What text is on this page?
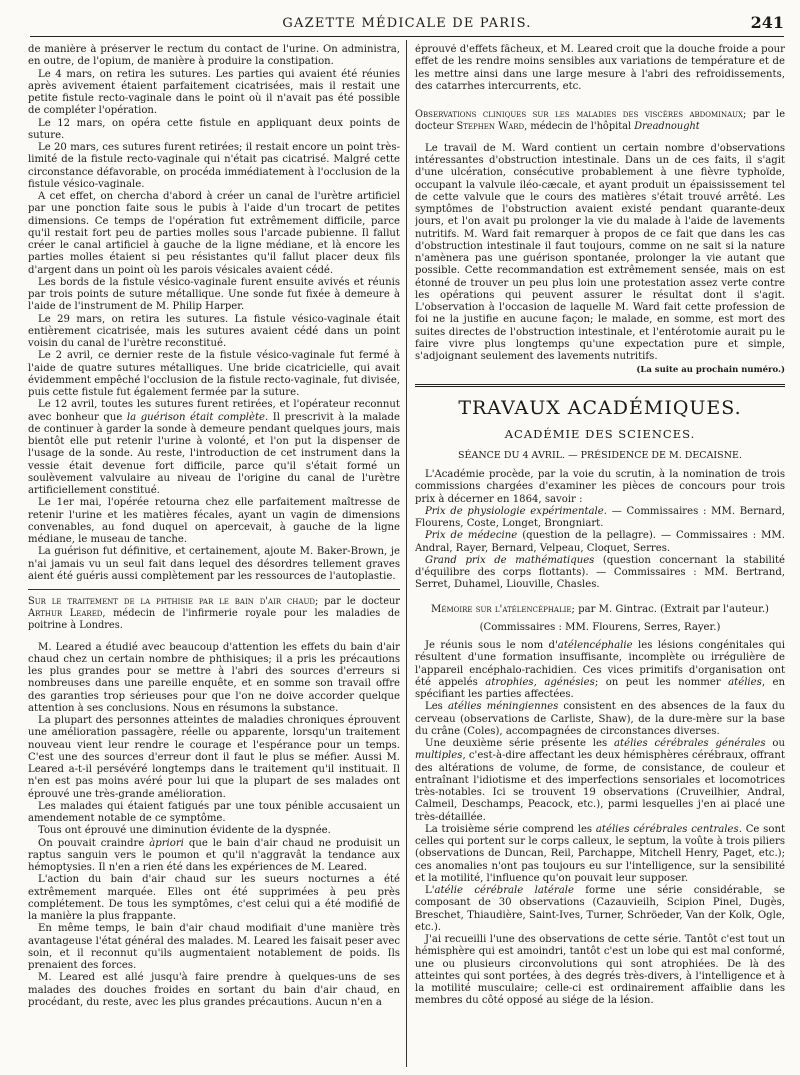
GAZETTE MÉDICALE DE PARIS.	241

de manière à préserver le rectum du contact de l'urine. On administra, en outre, de l'opium, de manière à produire la constipation.

Le 4 mars, on retira les sutures. Les parties qui avaient été réunies après avivement étaient parfaitement cicatrisées, mais il restait une petite fistule recto-vaginale dans le point où il n'avait pas été possible de compléter l'opération.

Le 12 mars, on opéra cette fistule en appliquant deux points de suture.

Le 20 mars, ces sutures furent retirées; il restait encore un point très-limité de la fistule recto-vaginale qui n'était pas cicatrisé. Malgré cette circonstance défavorable, on procéda immédiatement à l'occlusion de la fistule vésico-vaginale.

A cet effet, on chercha d'abord à créer un canal de l'urètre artificiel par une ponction faite sous le pubis à l'aide d'un trocart de petites dimensions. Ce temps de l'opération fut extrêmement difficile, parce qu'il restait fort peu de parties molles sous l'arcade pubienne. Il fallut créer le canal artificiel à gauche de la ligne médiane, et là encore les parties molles étaient si peu résistantes qu'il fallut placer deux fils d'argent dans un point où les parois vésicales avaient cédé.

Les bords de la fistule vésico-vaginale furent ensuite avivés et réunis par trois points de suture métallique. Une sonde fut fixée à demeure à l'aide de l'instrument de M. Philip Harper.

Le 29 mars, on retira les sutures. La fistule vésico-vaginale était entièrement cicatrisée, mais les sutures avaient cédé dans un point voisin du canal de l'urètre reconstitué.

Le 2 avril, ce dernier reste de la fistule vésico-vaginale fut fermé à l'aide de quatre sutures métalliques. Une bride cicatricielle, qui avait évidemment empêché l'occlusion de la fistule recto-vaginale, fut divisée, puis cette fistule fut également fermée par la suture.

Le 12 avril, toutes les sutures furent retirées, et l'opérateur reconnut avec bonheur que la guérison était complète. Il prescrivit à la malade de continuer à garder la sonde à demeure pendant quelques jours, mais bientôt elle put retenir l'urine à volonté, et l'on put la dispenser de l'usage de la sonde. Au reste, l'introduction de cet instrument dans la vessie était devenue fort difficile, parce qu'il s'était formé un soulèvement valvulaire au niveau de l'origine du canal de l'urètre artificiellement constitué.

Le 1er mai, l'opérée retourna chez elle parfaitement maîtresse de retenir l'urine et les matières fécales, ayant un vagin de dimensions convenables, au fond duquel on apercevait, à gauche de la ligne médiane, le museau de tanche.

La guérison fut définitive, et certainement, ajoute M. Baker-Brown, je n'ai jamais vu un seul fait dans lequel des désordres tellement graves aient été guéris aussi complètement par les ressources de l'autoplastie.

Sur le traitement de la phthisie par le bain d'air chaud; par le docteur Arthur Leared, médecin de l'infirmerie royale pour les maladies de poitrine à Londres.

M. Leared a étudié avec beaucoup d'attention les effets du bain d'air chaud chez un certain nombre de phthisiques; il a pris les précautions les plus grandes pour se mettre à l'abri des sources d'erreurs si nombreuses dans une pareille enquête, et en somme son travail offre des garanties trop sérieuses pour que l'on ne doive accorder quelque attention à ses conclusions. Nous en résumons la substance.

La plupart des personnes atteintes de maladies chroniques éprouvent une amélioration passagère, réelle ou apparente, lorsqu'un traitement nouveau vient leur rendre le courage et l'espérance pour un temps. C'est une des sources d'erreur dont il faut le plus se méfier. Aussi M. Leared a-t-il persévéré longtemps dans le traitement qu'il instituait. Il n'en est pas moins avéré pour lui que la plupart de ses malades ont éprouvé une très-grande amélioration.

Les malades qui étaient fatigués par une toux pénible accusaient un amendement notable de ce symptôme.

Tous ont éprouvé une diminution évidente de la dyspnée.

On pouvait craindre àpriori que le bain d'air chaud ne produisit un raptus sanguin vers le poumon et qu'il n'aggravât la tendance aux hémoptysies. Il n'en a rien été dans les expériences de M. Leared.

L'action du bain d'air chaud sur les sueurs nocturnes a été extrêmement marquée. Elles ont été supprimées à peu près complétement. De tous les symptômes, c'est celui qui a été modifié de la manière la plus frappante.

En même temps, le bain d'air chaud modifiait d'une manière très avantageuse l'état général des malades. M. Leared les faisait peser avec soin, et il reconnut qu'ils augmentaient notablement de poids. Ils prenaient des forces.

M. Leared est allé jusqu'à faire prendre à quelques-uns de ses malades des douches froides en sortant du bain d'air chaud, en procédant, du reste, avec les plus grandes précautions. Aucun n'en a

éprouvé d'effets fâcheux, et M. Leared croit que la douche froide a pour effet de les rendre moins sensibles aux variations de température et de les mettre ainsi dans une large mesure à l'abri des refroidissements, des catarrhes intercurrents, etc.

Observations cliniques sur les maladies des viscères abdominaux; par le docteur Stephen Ward, médecin de l'hôpital Dreadnought

Le travail de M. Ward contient un certain nombre d'observations intéressantes d'obstruction intestinale. Dans un de ces faits, il s'agit d'une ulcération, consécutive probablement à une fièvre typhoïde, occupant la valvule iléo-cæcale, et ayant produit un épaississement tel de cette valvule que le cours des matières s'était trouvé arrêté. Les symptômes de l'obstruction avaient existé pendant quarante-deux jours, et l'on avait pu prolonger la vie du malade à l'aide de lavements nutritifs. M. Ward fait remarquer à propos de ce fait que dans les cas d'obstruction intestinale il faut toujours, comme on ne sait si la nature n'amènera pas une guérison spontanée, prolonger la vie autant que possible. Cette recommandation est extrêmement sensée, mais on est étonné de trouver un peu plus loin une protestation assez verte contre les opérations qui peuvent assurer le résultat dont il s'agit. L'observation à l'occasion de laquelle M. Ward fait cette profession de foi ne la justifie en aucune façon; le malade, en somme, est mort des suites directes de l'obstruction intestinale, et l'entérotomie aurait pu le faire vivre plus longtemps qu'une expectation pure et simple, s'adjoignant seulement des lavements nutritifs.

(La suite au prochain numéro.)
TRAVAUX ACADÉMIQUES.
ACADÉMIE DES SCIENCES.
SÉANCE DU 4 AVRIL. — PRÉSIDENCE DE M. DECAISNE.

L'Académie procède, par la voie du scrutin, à la nomination de trois commissions chargées d'examiner les pièces de concours pour trois prix à décerner en 1864, savoir :

Prix de physiologie expérimentale. — Commissaires : MM. Bernard, Flourens, Coste, Longet, Brongniart.

Prix de médecine (question de la pellagre). — Commissaires : MM. Andral, Rayer, Bernard, Velpeau, Cloquet, Serres.

Grand prix de mathématiques (question concernant la stabilité d'équilibre des corps flottants). — Commissaires : MM. Bertrand, Serret, Duhamel, Liouville, Chasles.

Mémoire sur l'atélencéphalie; par M. Gintrac. (Extrait par l'auteur.)

(Commissaires : MM. Flourens, Serres, Rayer.)

Je réunis sous le nom d'atélencéphalie les lésions congénitales qui résultent d'une formation insuffisante, incomplète ou irrégulière de l'appareil encéphalo-rachidien. Ces vices primitifs d'organisation ont été appelés atrophies, agénésies; on peut les nommer atélies, en spécifiant les parties affectées.

Les atélies méningiennes consistent en des absences de la faux du cerveau (observations de Carliste, Shaw), de la dure-mère sur la base du crâne (Coles), accompagnées de circonstances diverses.

Une deuxième série présente les atélies cérébrales générales ou multiples, c'est-à-dire affectant les deux hémisphères cérébraux, offrant des altérations de volume, de forme, de consistance, de couleur et entraînant l'idiotisme et des imperfections sensoriales et locomotrices très-notables. Ici se trouvent 19 observations (Cruveilhier, Andral, Calmeil, Deschamps, Peacock, etc.), parmi lesquelles j'en ai placé une très-détaillée.

La troisième série comprend les atélies cérébrales centrales. Ce sont celles qui portent sur le corps calleux, le septum, la voûte à trois piliers (observations de Duncan, Reil, Parchappe, Mitchell Henry, Paget, etc.); ces anomalies n'ont pas toujours eu sur l'intelligence, sur la sensibilité et la motilité, l'influence qu'on pouvait leur supposer.

L'atélie cérébrale latérale forme une série considérable, se composant de 30 observations (Cazauvieilh, Scipion Pinel, Dugès, Breschet, Thiaudière, Saint-Ives, Turner, Schröeder, Van der Kolk, Ogle, etc.).

J'ai recueilli l'une des observations de cette série. Tantôt c'est tout un hémisphère qui est amoindri, tantôt c'est un lobe qui est mal conformé, une ou plusieurs circonvolutions qui sont atrophiées. De là des atteintes qui sont portées, à des degrés très-divers, à l'intelligence et à la motilité musculaire; celle-ci est ordinairement affaiblie dans les membres du côté opposé au siége de la lésion.
